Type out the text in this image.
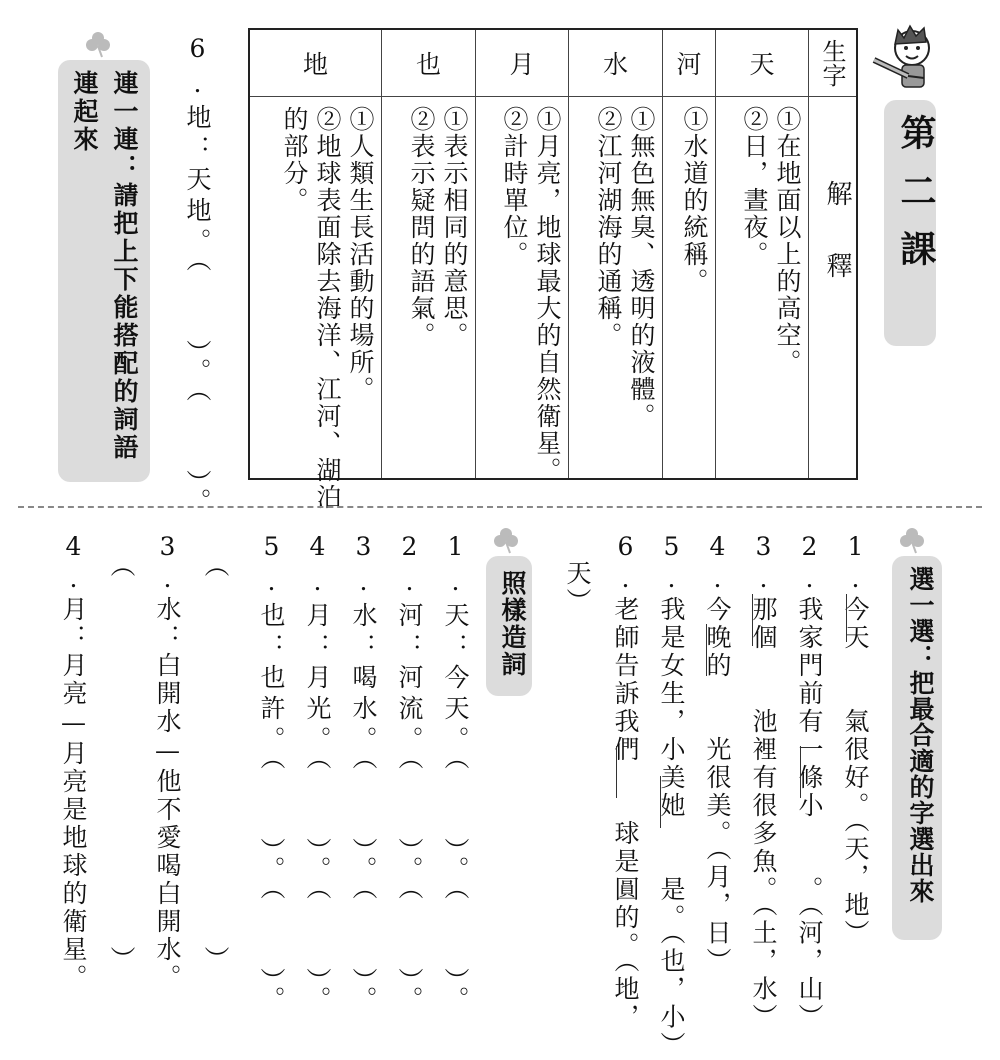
第二課
生字
解釋
天
①在地面以上的高空。
②日，晝夜。
河
①水道的統稱。
水
①無色無臭、透明的液體。
②江河湖海的通稱。
月
①月亮，地球最大的自然衛星。
②計時單位。
也
①表示相同的意思。
②表示疑問的語氣。
地
①人類生長活動的場所。
②地球表面除去海洋、江河、湖泊
的部分。
6.地：天地。（　　）。（　　）。
連一連：請把上下能搭配的詞語連起來
選一選：把最合適的字選出來
1.今天　　氣很好。（天，地）
2.我家門前有一條小　　。（河，山）
3.那個　　池裡有很多魚。（土，水）
4.今晚的　　光很美。（月，日）
5.我是女生，小美她　　是。（也，小）
6.老師告訴我們　　球是圓的。（地，
天）
照樣造詞
1.天：今天。（　　）。（　　）。
2.河：河流。（　　）。（　　）。
3.水：喝水。（　　）。（　　）。
4.月：月光。（　　）。（　　）。
5.也：也許。（　　）。（　　）。
3.水：白開水—他不愛喝白開水。
4.月：月亮—月亮是地球的衛星。	（
（
）
）
